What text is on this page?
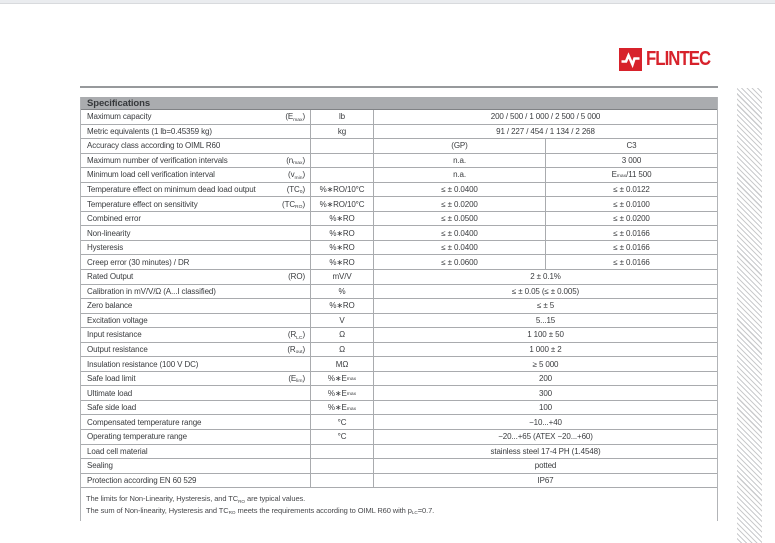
FLINTEC
Specifications
Maximum capacity	(Emax)	lb	200 / 500 / 1 000 / 2 500 / 5 000
Metric equivalents (1 lb=0.45359 kg)	kg	91 / 227 / 454 / 1 134 / 2 268
Accuracy class according to OIML R60	(GP)	C3
Maximum number of verification intervals	(nmax)	n.a.	3 000
Minimum load cell verification interval	(vmin)	n.a.	E max /11 500
Temperature effect on minimum dead load output	(TC0)	%∗RO/10°C	≤ ± 0.0400	≤ ± 0.0122
Temperature effect on sensitivity	(TCRO)	%∗RO/10°C	≤ ± 0.0200	≤ ± 0.0100
Combined error	%∗RO	≤ ± 0.0500	≤ ± 0.0200
Non-linearity	%∗RO	≤ ± 0.0400	≤ ± 0.0166
Hysteresis	%∗RO	≤ ± 0.0400	≤ ± 0.0166
Creep error (30 minutes) / DR	%∗RO	≤ ± 0.0600	≤ ± 0.0166
Rated Output	(RO)	mV/V	2 ± 0.1%
Calibration in mV/V/Ω (A...I classified)	%	≤ ± 0.05 (≤ ± 0.005)
Zero balance	%∗RO	≤ ± 5
Excitation voltage	V	5...15
Input resistance	(RLC)	Ω	1 100 ± 50
Output resistance	(Rout)	Ω	1 000 ± 2
Insulation resistance (100 V DC)	MΩ	≥ 5 000
Safe load limit	(Elim)	%∗E max	200
Ultimate load	%∗E max	300
Safe side load	%∗E max	100
Compensated temperature range	°C	−10...+40
Operating temperature range	°C	−20...+65 (ATEX −20...+60)
Load cell material	stainless steel 17-4 PH (1.4548)
Sealing	potted
Protection according EN 60 529	IP67
The limits for Non-Linearity, Hysteresis, and TCRO are typical values.
The sum of Non-linearity, Hysteresis and TCRO meets the requirements according to OIML R60 with pLC=0.7.
